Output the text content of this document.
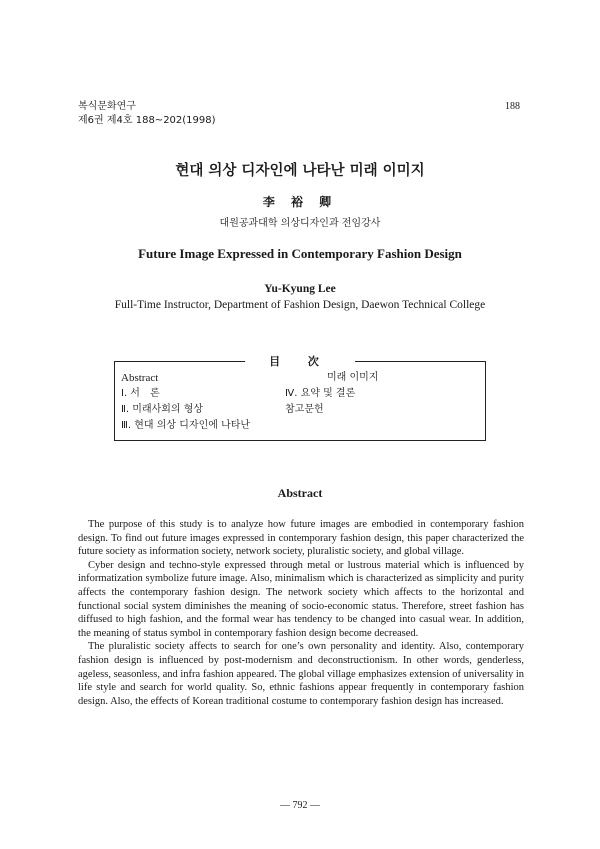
복식문화연구
제6권 제4호 188~202(1998)
188
현대 의상 디자인에 나타난 미래 이미지
李 裕 卿
대원공과대학 의상디자인과 전임강사
Future Image Expressed in Contemporary Fashion Design
Yu-Kyung Lee
Full-Time Instructor, Department of Fashion Design, Daewon Technical College
目 次
Abstract
Ⅰ. 서　론
Ⅱ. 미래사회의 형상
Ⅲ. 현대 의상 디자인에 나타난
미래 이미지
Ⅳ. 요약 및 결론
참고문헌
Abstract

The purpose of this study is to analyze how future images are embodied in contemporary fashion design. To find out future images expressed in contemporary fashion design, this paper characterized the future society as information society, network society, pluralistic society, and global village.

Cyber design and techno-style expressed through metal or lustrous material which is influenced by informatization symbolize future image. Also, minimalism which is characterized as simplicity and purity affects the contemporary fashion design. The network society which affects to the horizontal and functional social system diminishes the meaning of socio-economic status. Therefore, street fashion has diffused to high fashion, and the formal wear has tendency to be changed into casual wear. In addition, the meaning of status symbol in contemporary fashion design become decreased.

The pluralistic society affects to search for one’s own personality and identity. Also, contemporary fashion design is influenced by post-modernism and deconstructionism. In other words, genderless, ageless, seasonless, and infra fashion appeared. The global village emphasizes extension of universality in life style and search for world quality. So, ethnic fashions appear frequently in contemporary fashion design. Also, the effects of Korean traditional costume to contemporary fashion design has increased.

— 792 —
